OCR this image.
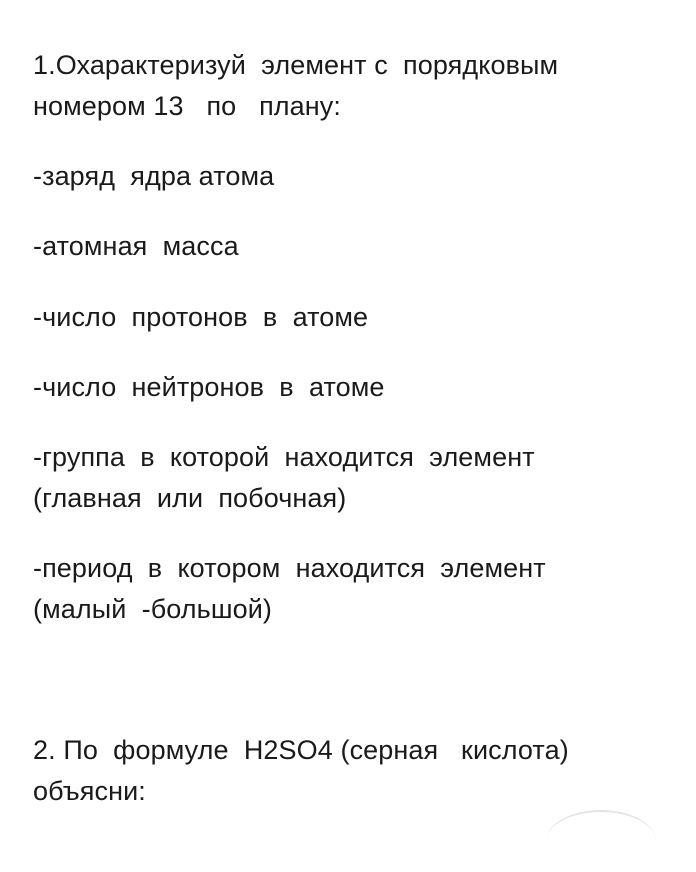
1.Охарактеризуй  элемент с  порядковым
номером 13   по   плану:
-заряд  ядра атома
-атомная  масса
-число  протонов  в  атоме
-число  нейтронов  в  атоме
-группа  в  которой  находится  элемент
(главная  или  побочная)
-период  в  котором  находится  элемент
(малый  -большой)
2. По  формуле  H2SO4 (серная   кислота)
объясни:
